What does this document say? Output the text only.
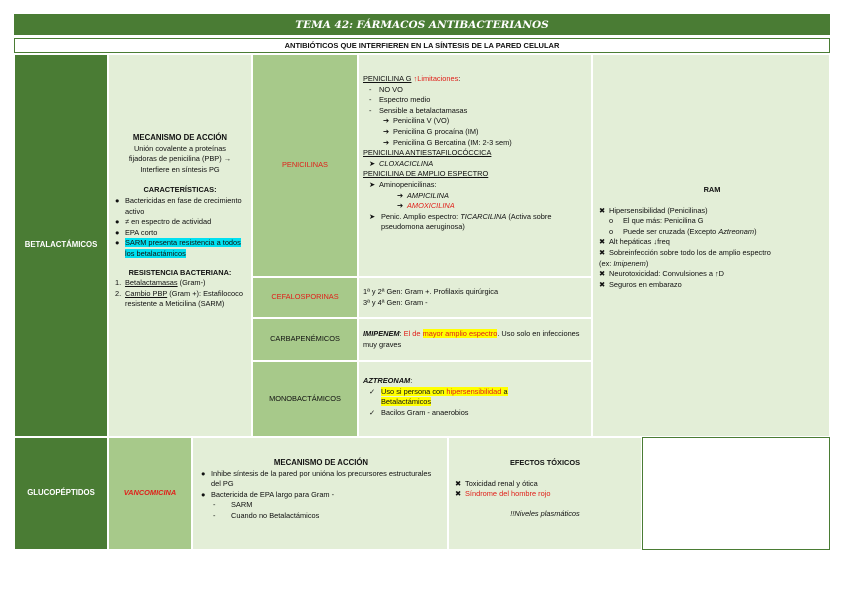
TEMA 42: FÁRMACOS ANTIBACTERIANOS
ANTIBIÓTICOS QUE INTERFIEREN EN LA SÍNTESIS DE LA PARED CELULAR
BETALACTÁMICOS
MECANISMO DE ACCIÓN
Unión covalente a proteínas
fijadoras de penicilina (PBP) →
Interfiere en síntesis PG
CARACTERÍSTICAS:
● Bactericidas en fase de crecimiento activo
● ≠ en espectro de actividad
● EPA corto
● SARM presenta resistencia a todos los betalactámicos
RESISTENCIA BACTERIANA:
1. Betalactamasas (Gram-)
2. Cambio PBP (Gram +): Estafilococo resistente a Meticilina (SARM)
PENICILINAS
CEFALOSPORINAS
CARBAPENÉMICOS
MONOBACTÁMICOS
PENICILINA G ↑Limitaciones:
- NO VO
- Espectro medio
- Sensible a betalactamasas
➔ Penicilina V (VO)
➔ Penicilina G procaína (IM)
➔ Penicilina G Bercatina (IM: 2-3 sem)
PENICILINA ANTIESTAFILOCÓCCICA
➤ CLOXACICLINA
PENICILINA DE AMPLIO ESPECTRO
➤ Aminopenicilinas:
➔ AMPICILINA
➔ AMOXICILINA
➤ Penic. Amplio espectro: TICARCILINA (Activa sobre pseudomona aeruginosa)
1ª y 2ª Gen: Gram +. Profilaxis quirúrgica
3ª y 4ª Gen: Gram -
IMIPENEM: El de mayor amplio espectro. Uso solo en infecciones muy graves
AZTREONAM:
✓ Uso si persona con hipersensibilidad a
Betalactámicos
✓ Bacilos Gram - anaerobios
RAM
✖ Hipersensibilidad (Penicilinas)
o El que más: Penicilina G
o Puede ser cruzada (Excepto Aztreonam)
✖ Alt hepáticas ↓freq
✖ Sobreinfección sobre todo los de amplio espectro
(ex: Imipenem)
✖ Neurotoxicidad: Convulsiones a ↑D
✖ Seguros en embarazo
GLUCOPÉPTIDOS	VANCOMICINA
MECANISMO DE ACCIÓN
● Inhibe síntesis de la pared por unióna los precursores estructurales del PG
● Bactericida de EPA largo para Gram -
- SARM
- Cuando no Betalactámicos
EFECTOS TÓXICOS
✖ Toxicidad renal y ótica
✖ Síndrome del hombre rojo
!!Niveles plasmáticos
